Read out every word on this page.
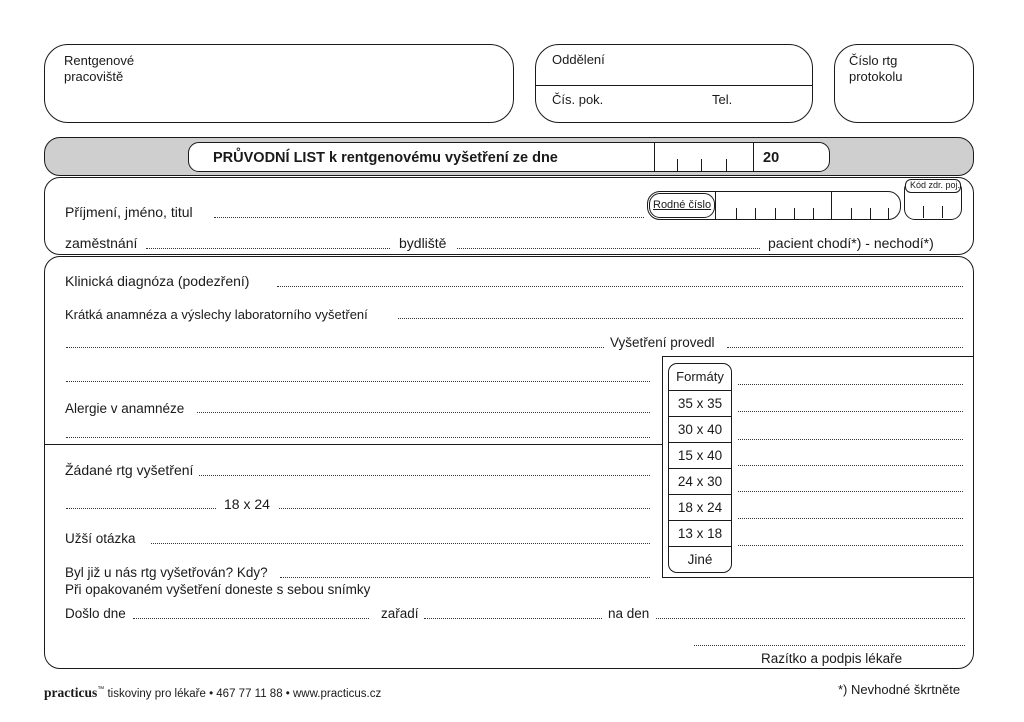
Rentgenové
pracoviště
Oddělení
Čís. pok.	Tel.
Číslo rtg
protokolu
PRŮVODNÍ LIST k rentgenovému vyšetření ze dne	20
Příjmení, jméno, titul	Rodné číslo
Kód zdr. poj.
zaměstnání	bydliště	pacient chodí*) - nechodí*)
Klinická diagnóza (podezření)
Krátká anamnéza a výslechy laboratorního vyšetření
Vyšetření provedl
Formáty
35 x 35
30 x 40
15 x 40
24 x 30
18 x 24
13 x 18
Jiné
Alergie v anamnéze
Žádané rtg vyšetření
18 x 24
Užší otázka
Byl již u nás rtg vyšetřován? Kdy?
Při opakovaném vyšetření doneste s sebou snímky
Došlo dne	zařadí	na den
Razítko a podpis lékaře
practicus™ tiskoviny pro lékaře • 467 77 11 88 • www.practicus.cz	*) Nevhodné škrtněte
